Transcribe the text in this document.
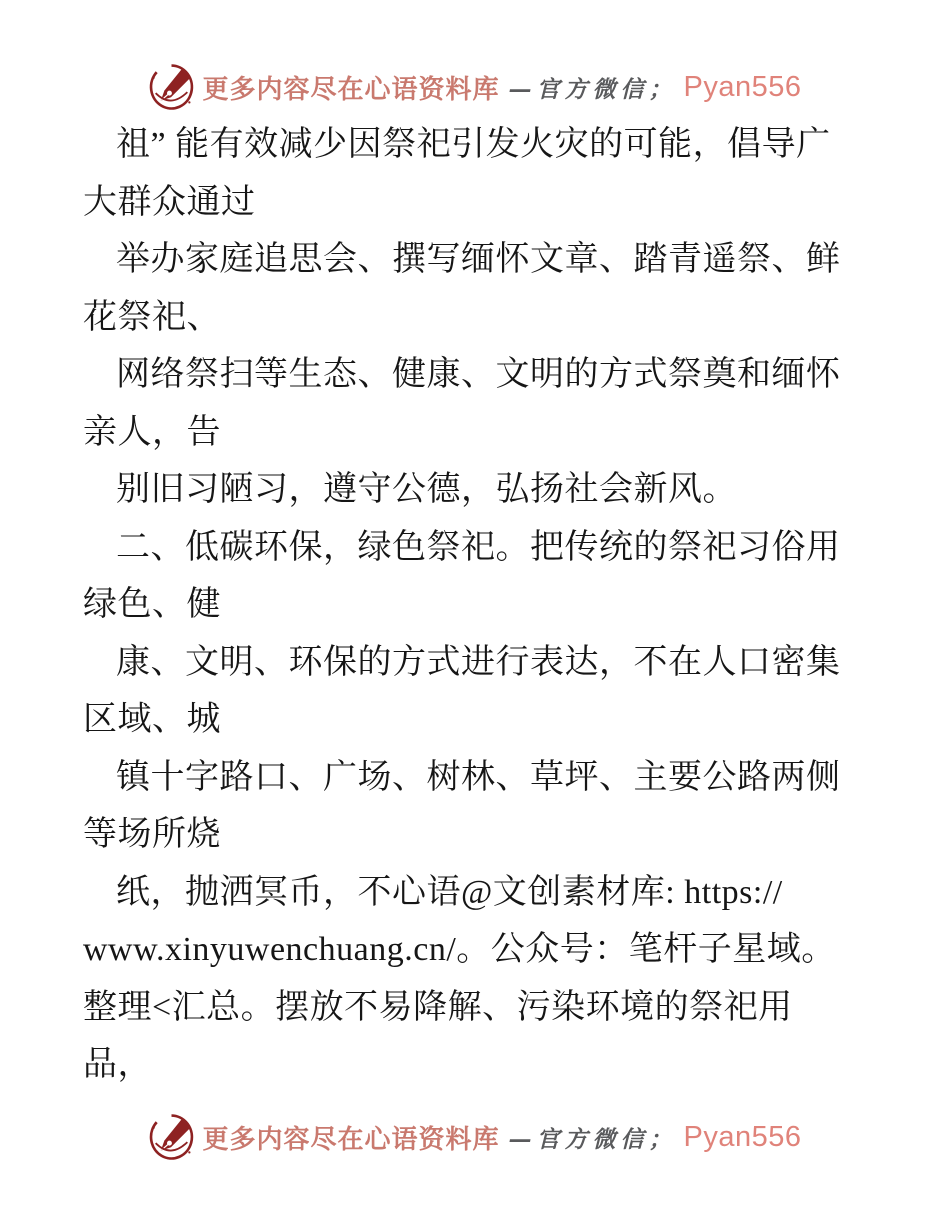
更多内容尽在心语资料库 —官方微信； Pyan556
祖” 能有效减少因祭祀引发火灾的可能，倡导广
大群众通过
举办家庭追思会、撰写缅怀文章、踏青遥祭、鲜
花祭祀、
网络祭扫等生态、健康、文明的方式祭奠和缅怀
亲人，告
别旧习陋习，遵守公德，弘扬社会新风。
二、低碳环保，绿色祭祀。把传统的祭祀习俗用
绿色、健
康、文明、环保的方式进行表达，不在人口密集
区域、城
镇十字路口、广场、树林、草坪、主要公路两侧
等场所烧
纸，抛洒冥币，不心语@文创素材库: https://
www.xinyuwenchuang.cn/。公众号：笔杆子星域。
整理<汇总。摆放不易降解、污染环境的祭祀用
品，
更多内容尽在心语资料库 —官方微信； Pyan556
